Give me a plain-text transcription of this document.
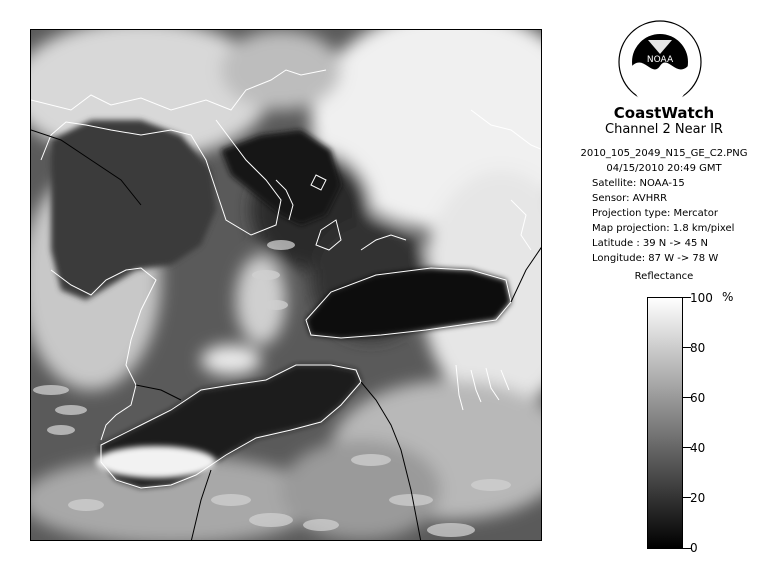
NOAA
CoastWatch
Channel 2 Near IR
2010_105_2049_N15_GE_C2.PNG
04/15/2010 20:49 GMT
Satellite: NOAA-15
Sensor: AVHRR
Projection type: Mercator
Map projection: 1.8 km/pixel
Latitude : 39 N -> 45 N
Longitude: 87 W -> 78 W
Reflectance
%
100
80
60
40
20
0
